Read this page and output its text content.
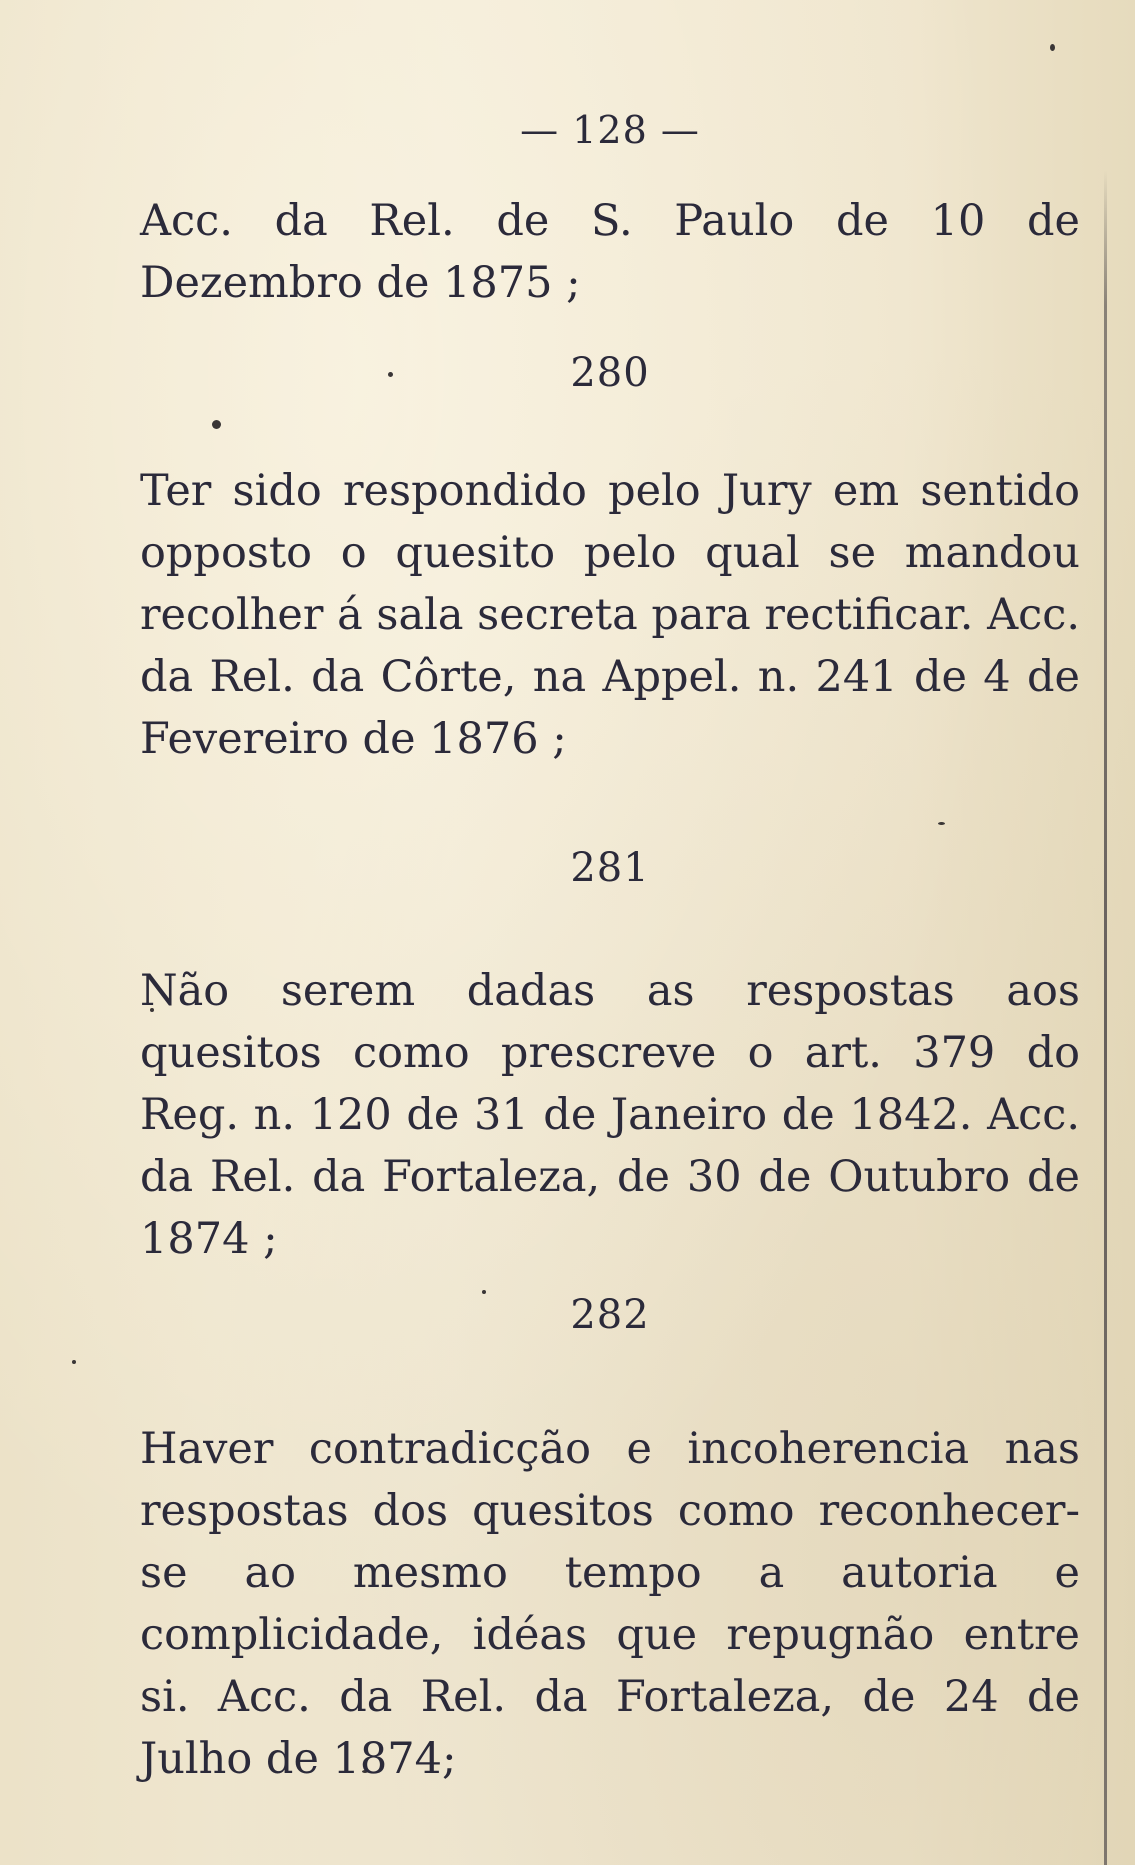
— 128 —
Acc. da Rel. de S. Paulo de 10 de Dezembro de 1875 ;
280
Ter sido respondido pelo Jury em sentido opposto o quesito pelo qual se mandou recolher á sala secreta para rectificar. Acc. da Rel. da Côrte, na Appel. n. 241 de 4 de Fevereiro de 1876 ;
281
Não serem dadas as respostas aos quesitos como prescreve o art. 379 do Reg. n. 120 de 31 de Janeiro de 1842. Acc. da Rel. da Fortaleza, de 30 de Outubro de 1874 ;
282
Haver contradicção e incoherencia nas respostas dos quesitos como reconhecer-se ao mesmo tempo a autoria e complicidade, idéas que repugnão entre si. Acc. da Rel. da Fortaleza, de 24 de Julho de 1874;
